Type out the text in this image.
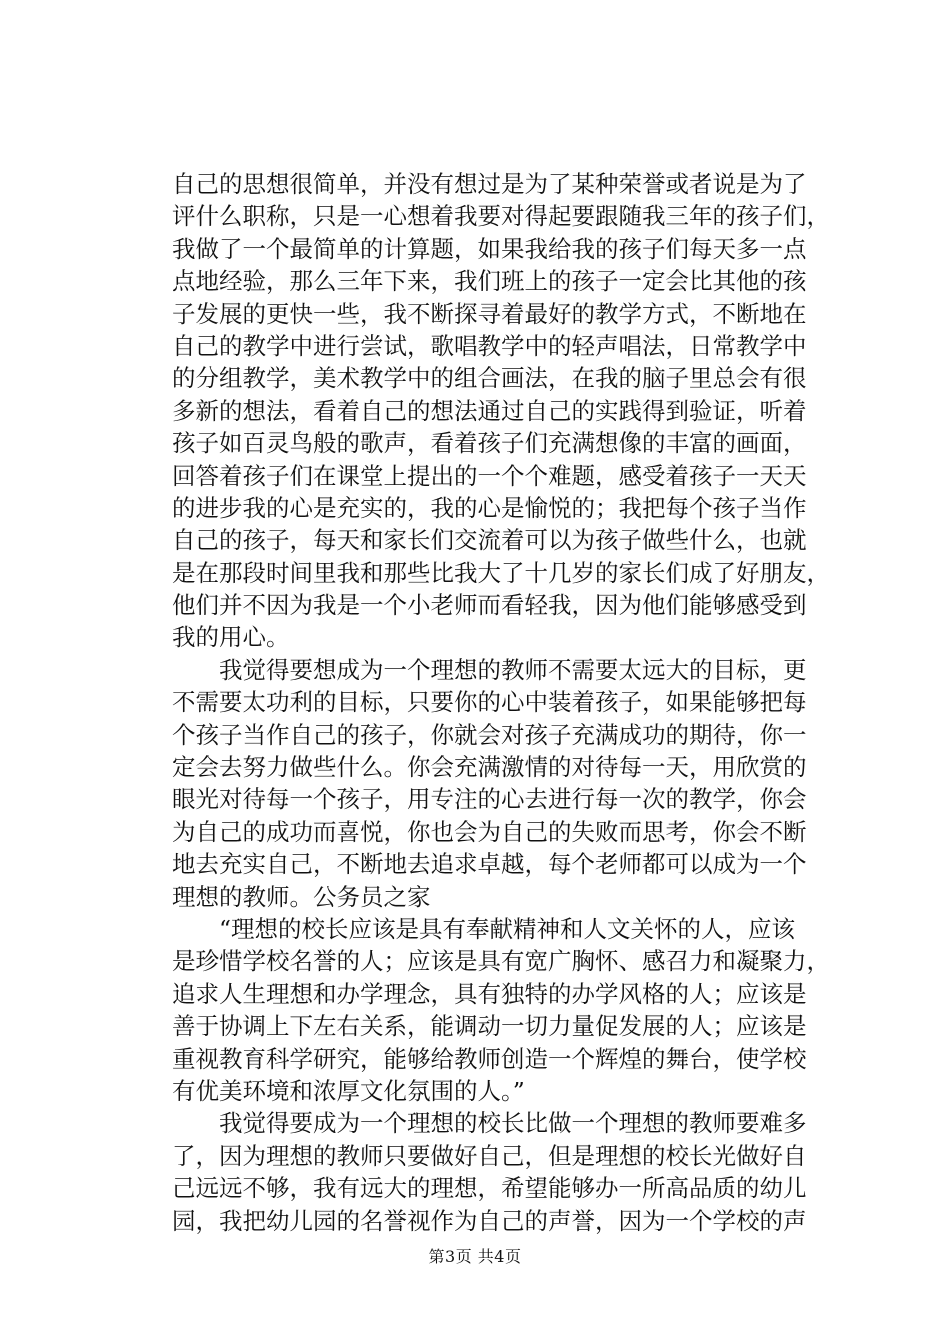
自己的思想很简单，并没有想过是为了某种荣誉或者说是为了
评什么职称，只是一心想着我要对得起要跟随我三年的孩子们，
我做了一个最简单的计算题，如果我给我的孩子们每天多一点
点地经验，那么三年下来，我们班上的孩子一定会比其他的孩
子发展的更快一些，我不断探寻着最好的教学方式，不断地在
自己的教学中进行尝试，歌唱教学中的轻声唱法，日常教学中
的分组教学，美术教学中的组合画法，在我的脑子里总会有很
多新的想法，看着自己的想法通过自己的实践得到验证，听着
孩子如百灵鸟般的歌声，看着孩子们充满想像的丰富的画面，
回答着孩子们在课堂上提出的一个个难题，感受着孩子一天天
的进步我的心是充实的，我的心是愉悦的；我把每个孩子当作
自己的孩子，每天和家长们交流着可以为孩子做些什么，也就
是在那段时间里我和那些比我大了十几岁的家长们成了好朋友，
他们并不因为我是一个小老师而看轻我，因为他们能够感受到
我的用心。
我觉得要想成为一个理想的教师不需要太远大的目标，更
不需要太功利的目标，只要你的心中装着孩子，如果能够把每
个孩子当作自己的孩子，你就会对孩子充满成功的期待，你一
定会去努力做些什么。你会充满激情的对待每一天，用欣赏的
眼光对待每一个孩子，用专注的心去进行每一次的教学，你会
为自己的成功而喜悦，你也会为自己的失败而思考，你会不断
地去充实自己，不断地去追求卓越，每个老师都可以成为一个
理想的教师。公务员之家
“理想的校长应该是具有奉献精神和人文关怀的人，应该
是珍惜学校名誉的人；应该是具有宽广胸怀、感召力和凝聚力，
追求人生理想和办学理念，具有独特的办学风格的人；应该是
善于协调上下左右关系，能调动一切力量促发展的人；应该是
重视教育科学研究，能够给教师创造一个辉煌的舞台，使学校
有优美环境和浓厚文化氛围的人。”
我觉得要成为一个理想的校长比做一个理想的教师要难多
了，因为理想的教师只要做好自己，但是理想的校长光做好自
己远远不够，我有远大的理想，希望能够办一所高品质的幼儿
园，我把幼儿园的名誉视作为自己的声誉，因为一个学校的声
第3页 共4页
